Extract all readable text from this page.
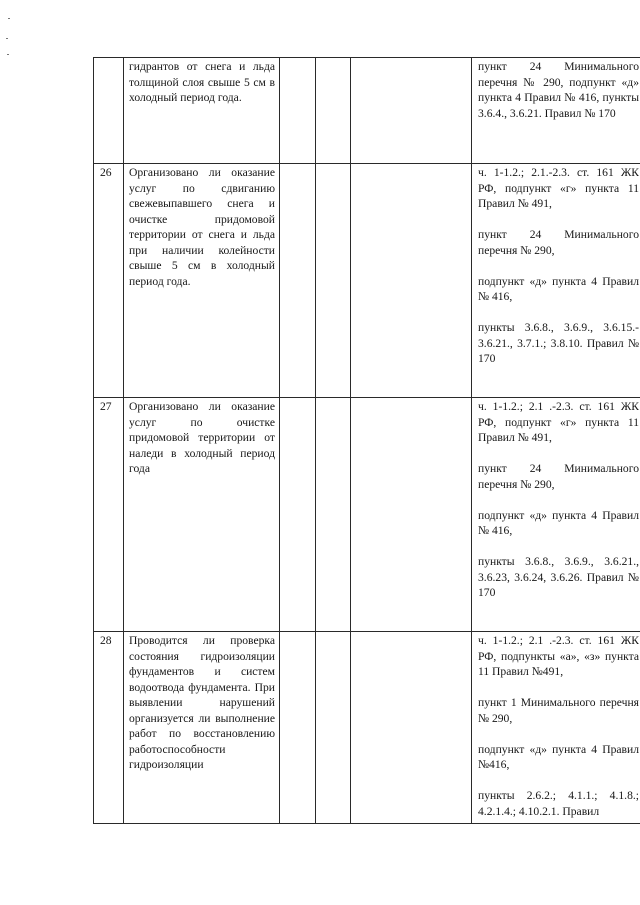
	гидрантов от снега и льда толщиной слоя свыше 5 см в холодный период года.				пункт 24 Минимального перечня № 290, подпункт «д» пункта 4 Правил № 416, пункты 3.6.4., 3.6.21. Правил № 170

26	Организовано ли оказание услуг по сдвиганию свежевыпавшего снега и очистке придомовой территории от снега и льда при наличии колейности свыше 5 см в холодный период года.				ч. 1-1.2.; 2.1.-2.3. ст. 161 ЖК РФ, подпункт «г» пункта 11 Правил № 491,

пункт 24 Минимального перечня № 290,

подпункт «д» пункта 4 Правил № 416,

пункты 3.6.8., 3.6.9., 3.6.15.- 3.6.21., 3.7.1.; 3.8.10. Правил № 170

27	Организовано ли оказание услуг по очистке придомовой территории от наледи в холодный период года				ч. 1-1.2.; 2.1 .-2.3. ст. 161 ЖК РФ, подпункт «г» пункта 11 Правил № 491,

пункт 24 Минимального перечня № 290,

подпункт «д» пункта 4 Правил № 416,

пункты 3.6.8., 3.6.9., 3.6.21., 3.6.23, 3.6.24, 3.6.26. Правил № 170

28	Проводится ли проверка состояния гидроизоляции фундаментов и систем водоотвода фундамента. При выявлении нарушений организуется ли выполнение работ по восстановлению работоспособности гидроизоляции				ч. 1-1.2.; 2.1 .-2.3. ст. 161 ЖК РФ, подпункты «а», «з» пункта 11 Правил №491,

пункт 1 Минимального перечня № 290,

подпункт «д» пункта 4 Правил №416,

пункты 2.6.2.; 4.1.1.; 4.1.8.; 4.2.1.4.; 4.10.2.1. Правил
